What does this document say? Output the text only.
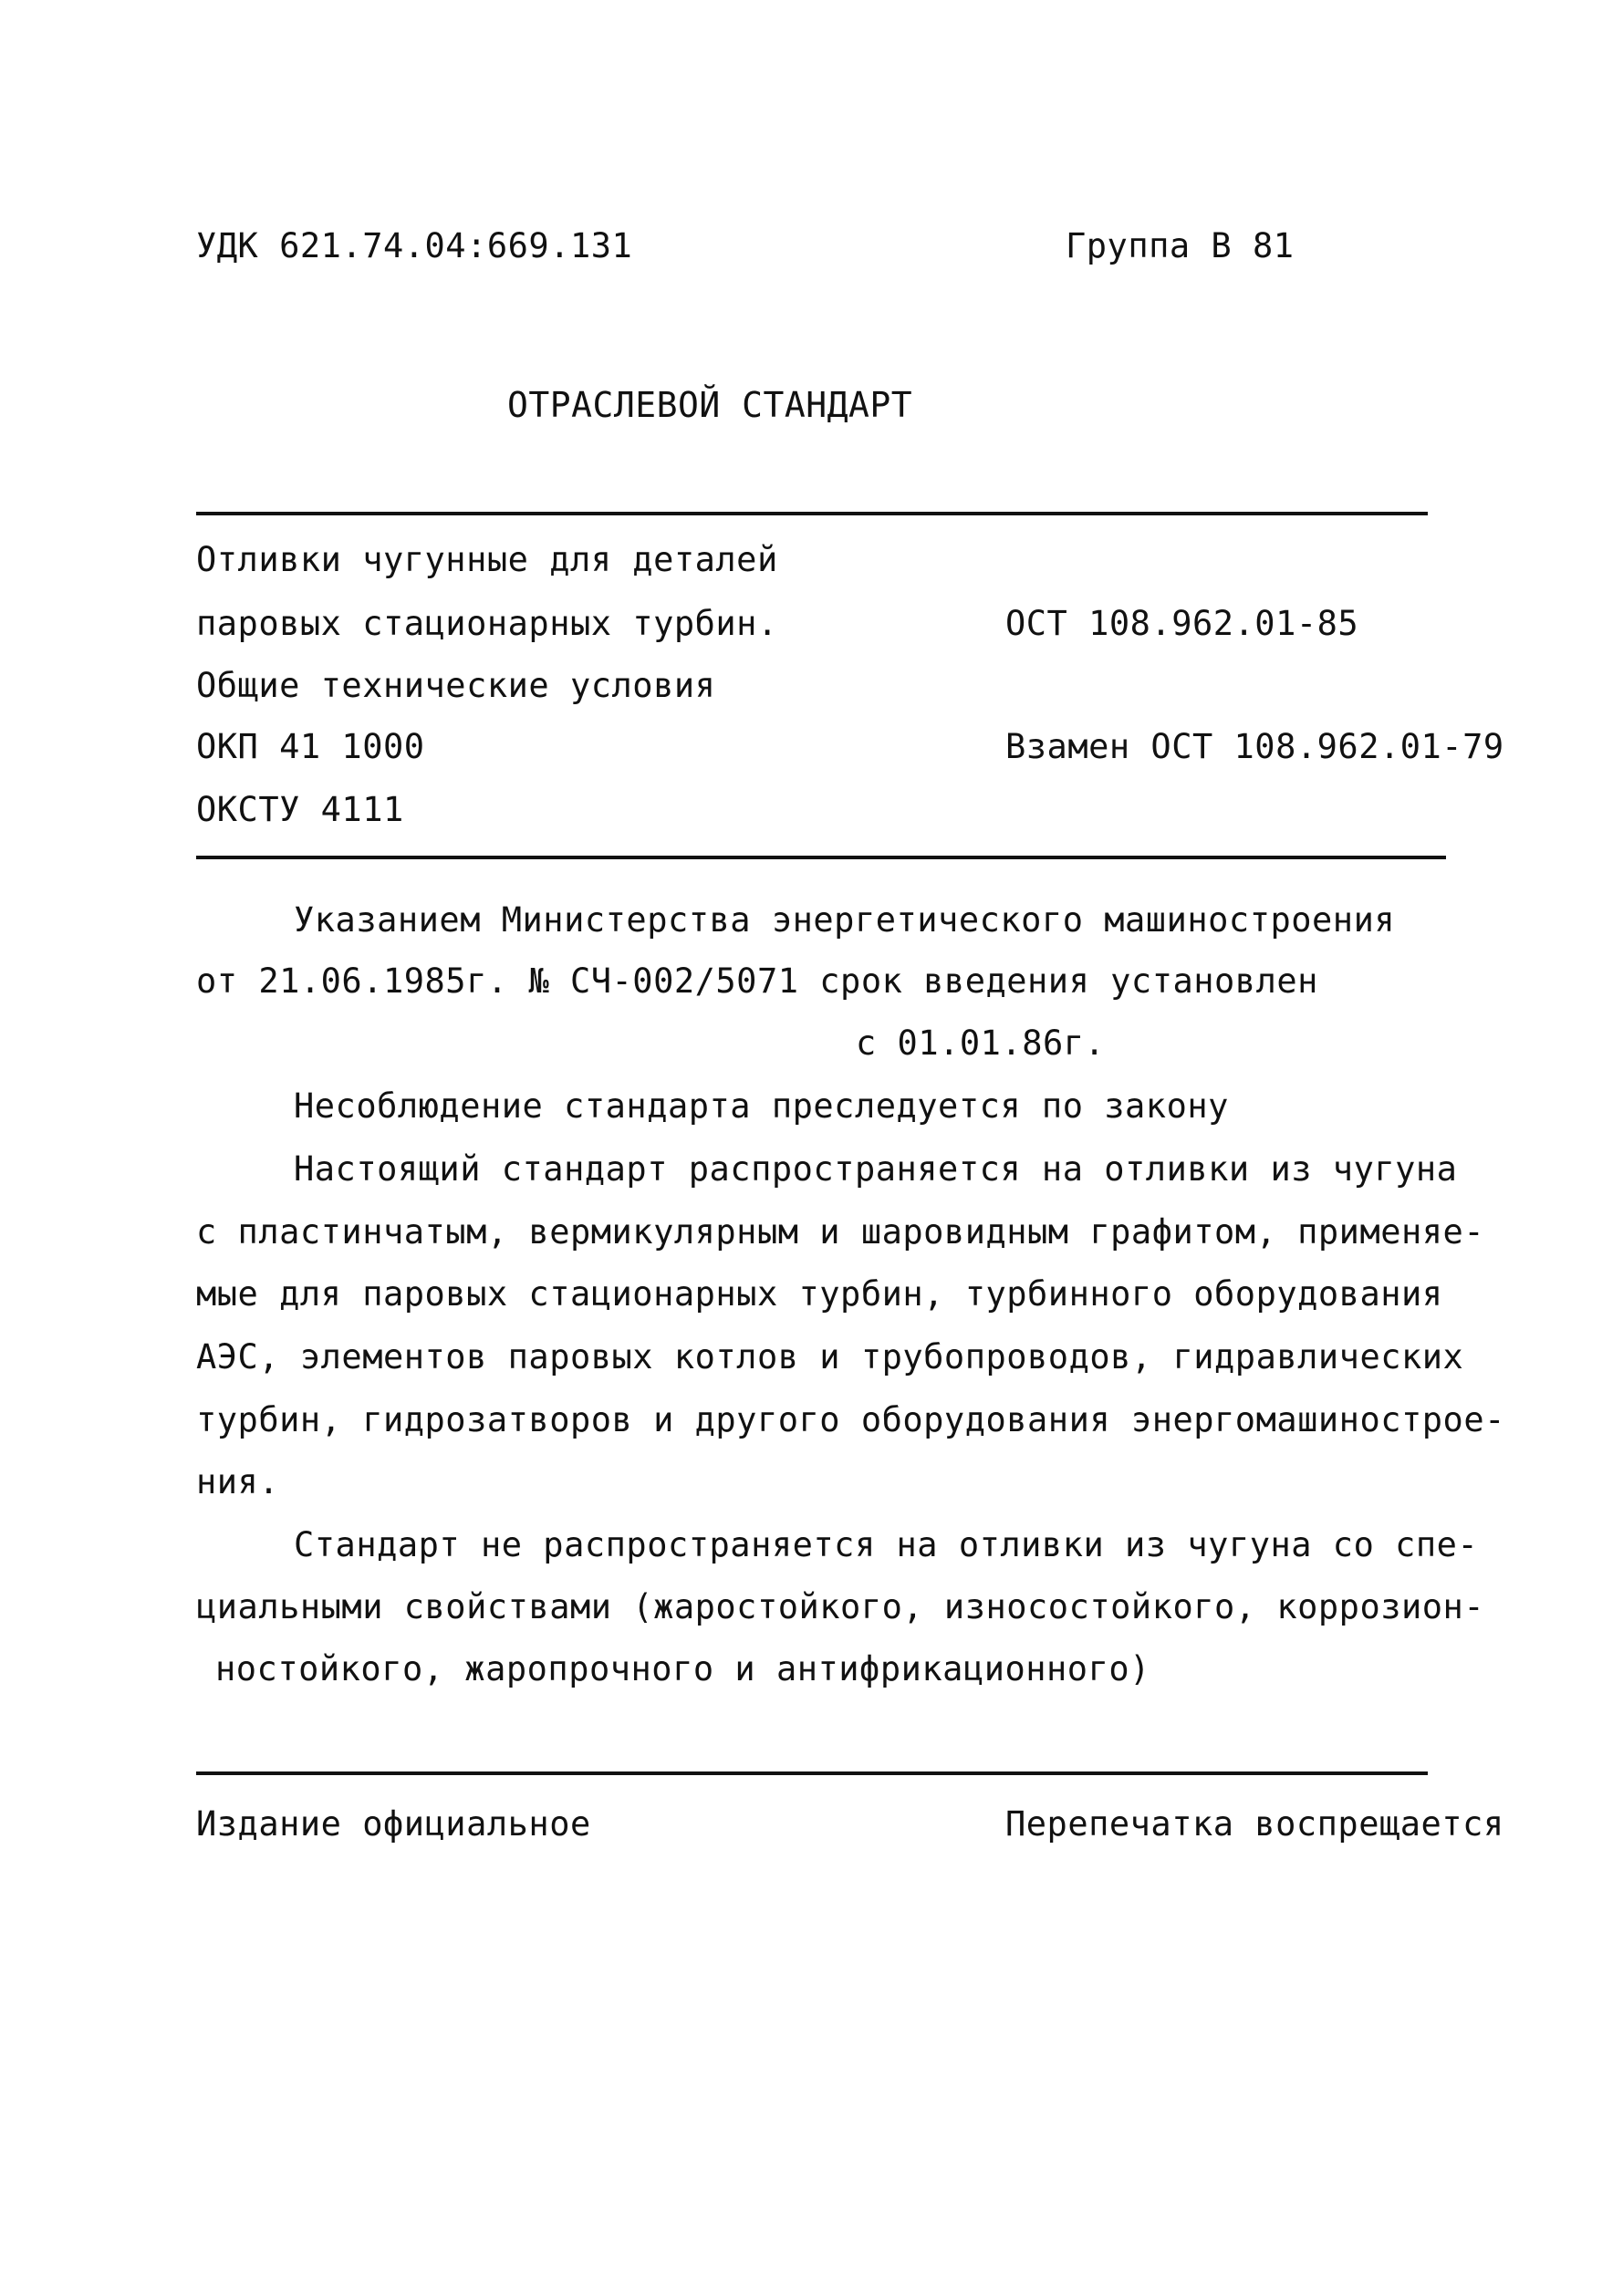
УДК 621.74.04:669.131	Группа В 81
ОТРАСЛЕВОЙ СТАНДАРТ
Отливки чугунные для деталей
паровых стационарных турбин.
Общие технические условия
ОКП 41 1000
ОКСТУ 4111
ОСТ 108.962.01-85
Взамен ОСТ 108.962.01-79
Указанием Министерства энергетического машиностроения
от 21.06.1985г. № СЧ-002/5071 срок введения установлен
с 01.01.86г.
Несоблюдение стандарта преследуется по закону
Настоящий стандарт распространяется на отливки из чугуна
с пластинчатым, вермикулярным и шаровидным графитом, применяе-
мые для паровых стационарных турбин, турбинного оборудования
АЭС, элементов паровых котлов и трубопроводов, гидравлических
турбин, гидрозатворов и другого оборудования энергомашинострое-
ния.
Стандарт не распространяется на отливки из чугуна со спе-
циальными свойствами (жаростойкого, износостойкого, коррозион-
ностойкого, жаропрочного и антифрикационного)
Издание официальное	Перепечатка воспрещается
